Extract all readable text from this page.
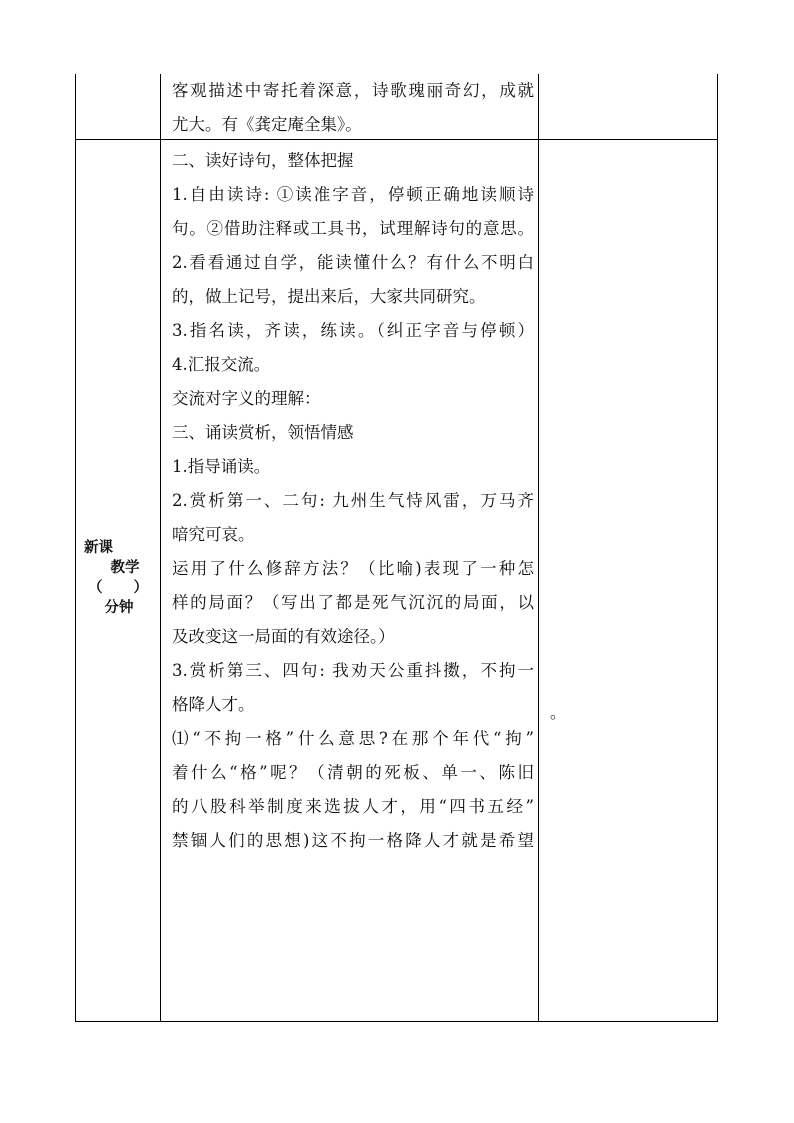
客观描述中寄托着深意，诗歌瑰丽奇幻，成就
尤大。有《龚定庵全集》。
新课
教学
（）
分钟
二、读好诗句，整体把握
1.自由读诗: ①读准字音，停顿正确地读顺诗
句。②借助注释或工具书，试理解诗句的意思。
2.看看通过自学，能读懂什么？有什么不明白
的，做上记号，提出来后，大家共同研究。
3.指名读，齐读，练读。（纠正字音与停顿）
4.汇报交流。
交流对字义的理解：
三、诵读赏析，领悟情感
1.指导诵读。
2.赏析第一、二句: 九州生气恃风雷，万马齐
喑究可哀。
运用了什么修辞方法？（比喻)表现了一种怎
样的局面？（写出了都是死气沉沉的局面，以
及改变这一局面的有效途径。）
3.赏析第三、四句: 我劝天公重抖擞，不拘一
格降人才。
⑴“不拘一格”什么意思?在那个年代“拘”
着什么“格”呢？（清朝的死板、单一、陈旧
的八股科举制度来选拔人才，用“四书五经”
禁锢人们的思想)这不拘一格降人才就是希望
。
